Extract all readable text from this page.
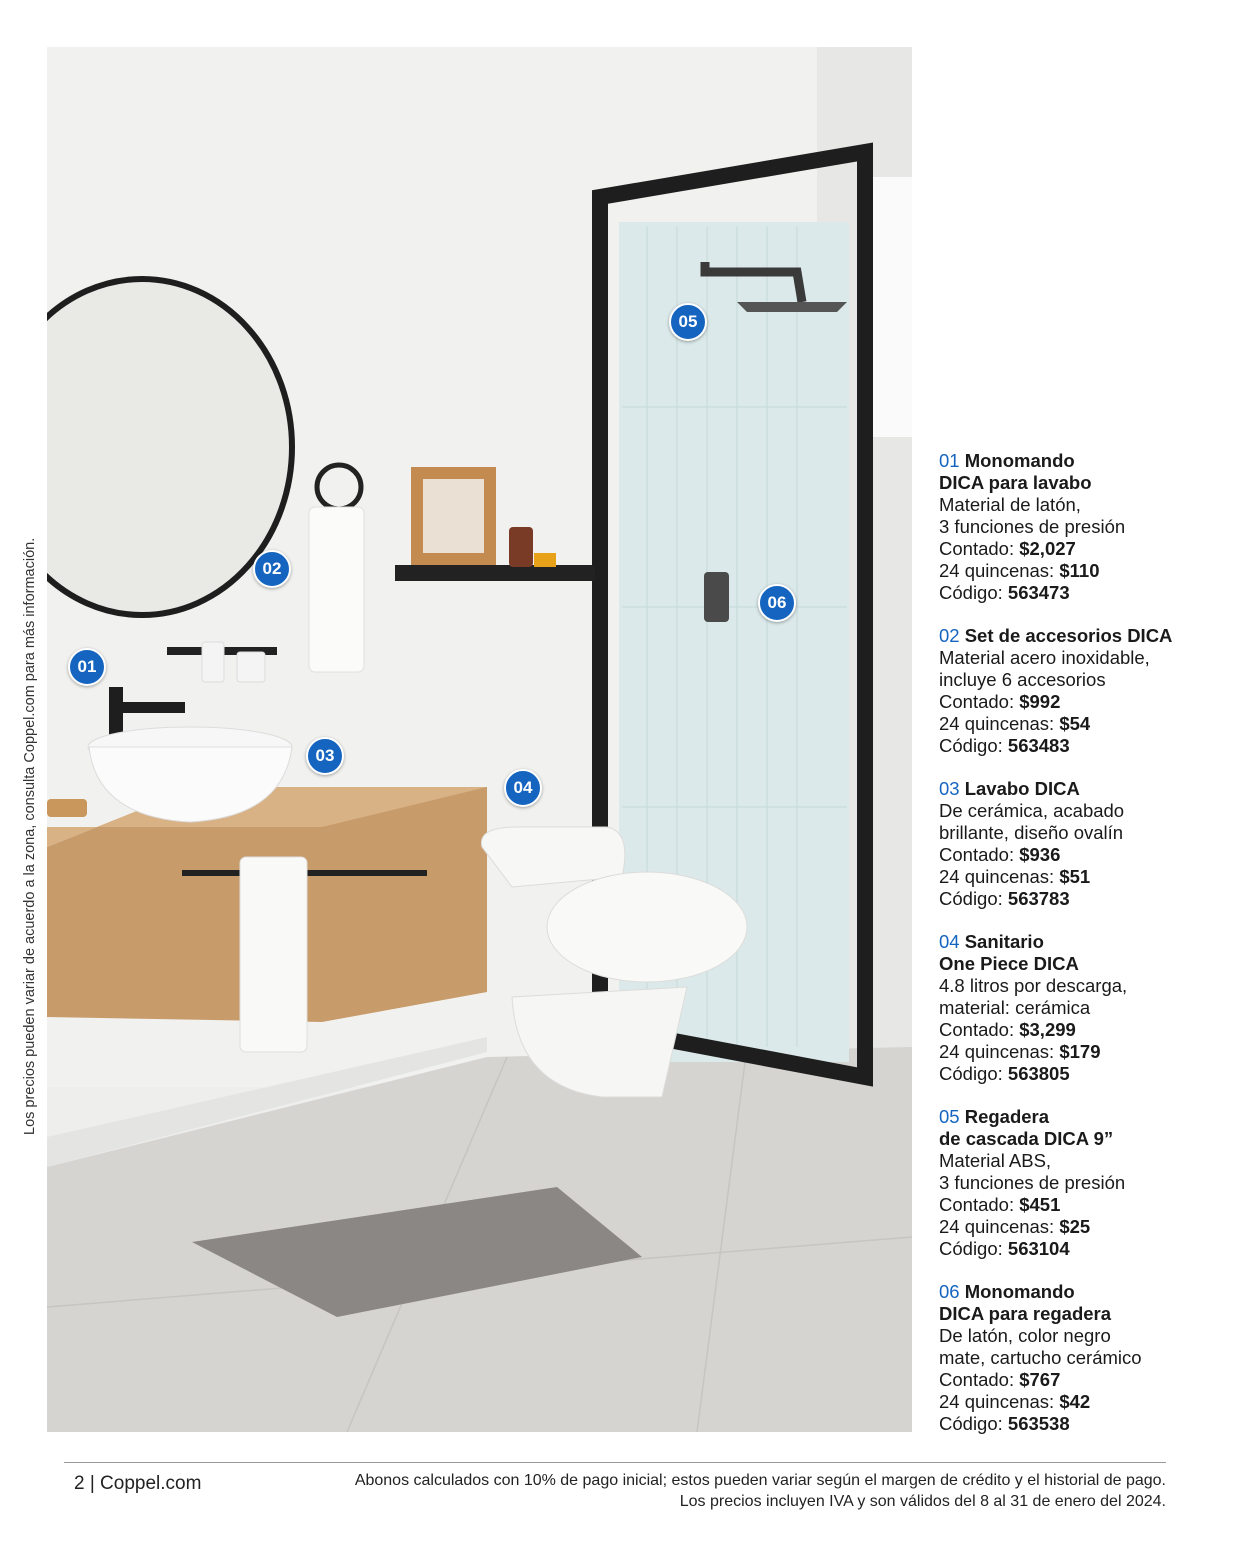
Los precios pueden variar de acuerdo a la zona, consulta Coppel.com para más información.	01
02
03
04
05
06
01 Monomando
DICA para lavabo
Material de latón,
3 funciones de presión
Contado: $2,027
24 quincenas: $110
Código: 563473
02 Set de accesorios DICA
Material acero inoxidable,
incluye 6 accesorios
Contado: $992
24 quincenas: $54
Código: 563483
03 Lavabo DICA
De cerámica, acabado
brillante, diseño ovalín
Contado: $936
24 quincenas: $51
Código: 563783
04 Sanitario
One Piece DICA
4.8 litros por descarga,
material: cerámica
Contado: $3,299
24 quincenas: $179
Código: 563805
05 Regadera
de cascada DICA 9”
Material ABS,
3 funciones de presión
Contado: $451
24 quincenas: $25
Código: 563104
06 Monomando
DICA para regadera
De latón, color negro
mate, cartucho cerámico
Contado: $767
24 quincenas: $42
Código: 563538
2 | Coppel.com	Abonos calculados con 10% de pago inicial; estos pueden variar según el margen de crédito y el historial de pago.
Los precios incluyen IVA y son válidos del 8 al 31 de enero del 2024.
